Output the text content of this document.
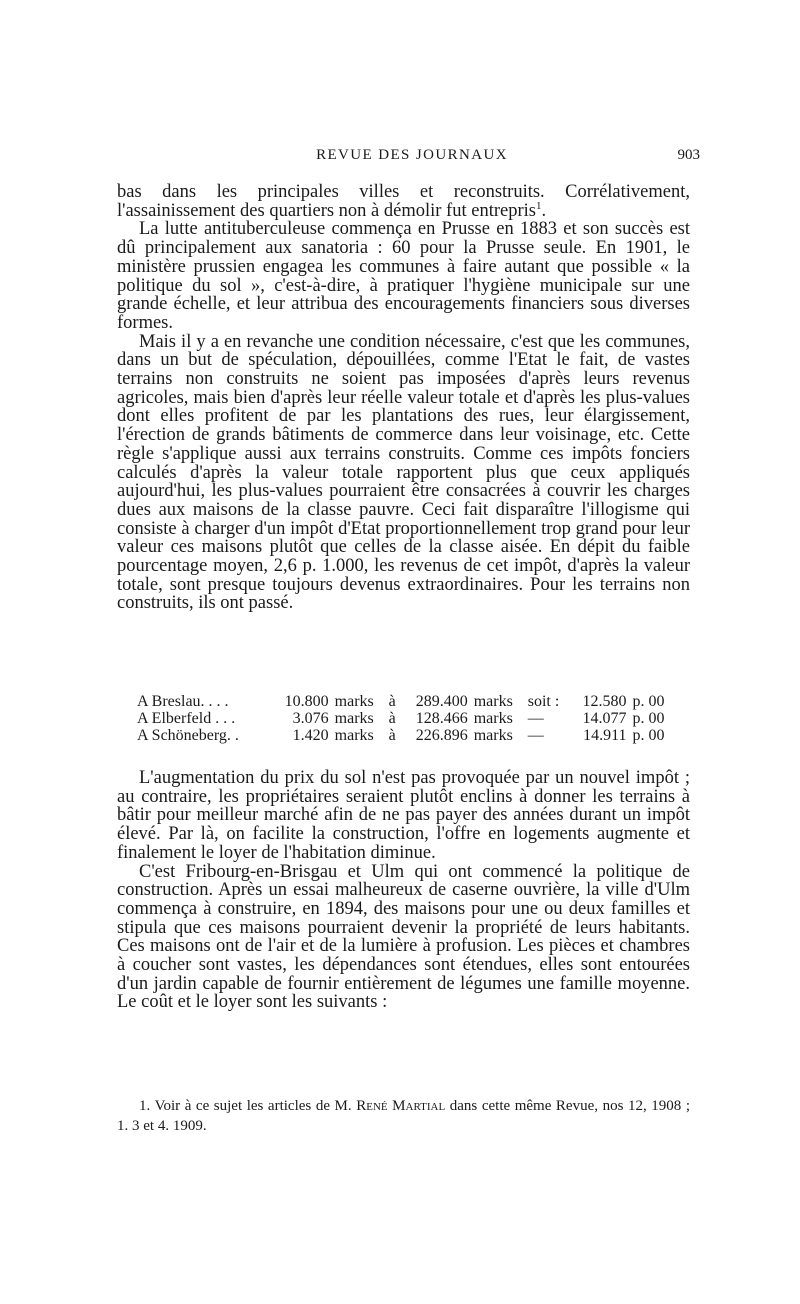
REVUE DES JOURNAUX	903

bas dans les principales villes et reconstruits. Corrélativement, l'assainissement des quartiers non à démolir fut entrepris$^1$.

La lutte antituberculeuse commença en Prusse en 1883 et son succès est dû principalement aux sanatoria : 60 pour la Prusse seule. En 1901, le ministère prussien engagea les communes à faire autant que possible « la politique du sol », c'est-à-dire, à pratiquer l'hygiène municipale sur une grande échelle, et leur attribua des encouragements financiers sous diverses formes.

Mais il y a en revanche une condition nécessaire, c'est que les communes, dans un but de spéculation, dépouillées, comme l'Etat le fait, de vastes terrains non construits ne soient pas imposées d'après leurs revenus agricoles, mais bien d'après leur réelle valeur totale et d'après les plus-values dont elles profitent de par les plantations des rues, leur élargissement, l'érection de grands bâtiments de commerce dans leur voisinage, etc. Cette règle s'applique aussi aux terrains construits. Comme ces impôts fonciers calculés d'après la valeur totale rapportent plus que ceux appliqués aujourd'hui, les plus-values pourraient être consacrées à couvrir les charges dues aux maisons de la classe pauvre. Ceci fait disparaître l'illogisme qui consiste à charger d'un impôt d'Etat proportionnellement trop grand pour leur valeur ces maisons plutôt que celles de la classe aisée. En dépit du faible pourcentage moyen, 2,6 p. 1.000, les revenus de cet impôt, d'après la valeur totale, sont presque toujours devenus extraordinaires. Pour les terrains non construits, ils ont passé.

A Breslau. . . .	10.800	marks	à	289.400	marks	soit :	12.580	p. 00
A Elberfeld . . .	3.076	marks	à	128.466	marks	—	14.077	p. 00
A Schöneberg. .	1.420	marks	à	226.896	marks	—	14.911	p. 00

L'augmentation du prix du sol n'est pas provoquée par un nouvel impôt ; au contraire, les propriétaires seraient plutôt enclins à donner les terrains à bâtir pour meilleur marché afin de ne pas payer des années durant un impôt élevé. Par là, on facilite la construction, l'offre en logements augmente et finalement le loyer de l'habitation diminue.

C'est Fribourg-en-Brisgau et Ulm qui ont commencé la politique de construction. Après un essai malheureux de caserne ouvrière, la ville d'Ulm commença à construire, en 1894, des maisons pour une ou deux familles et stipula que ces maisons pourraient devenir la propriété de leurs habitants. Ces maisons ont de l'air et de la lumière à profusion. Les pièces et chambres à coucher sont vastes, les dépendances sont étendues, elles sont entourées d'un jardin capable de fournir entièrement de légumes une famille moyenne. Le coût et le loyer sont les suivants :

1. Voir à ce sujet les articles de M. René Martial dans cette même Revue, nos 12, 1908 ; 1. 3 et 4. 1909.
